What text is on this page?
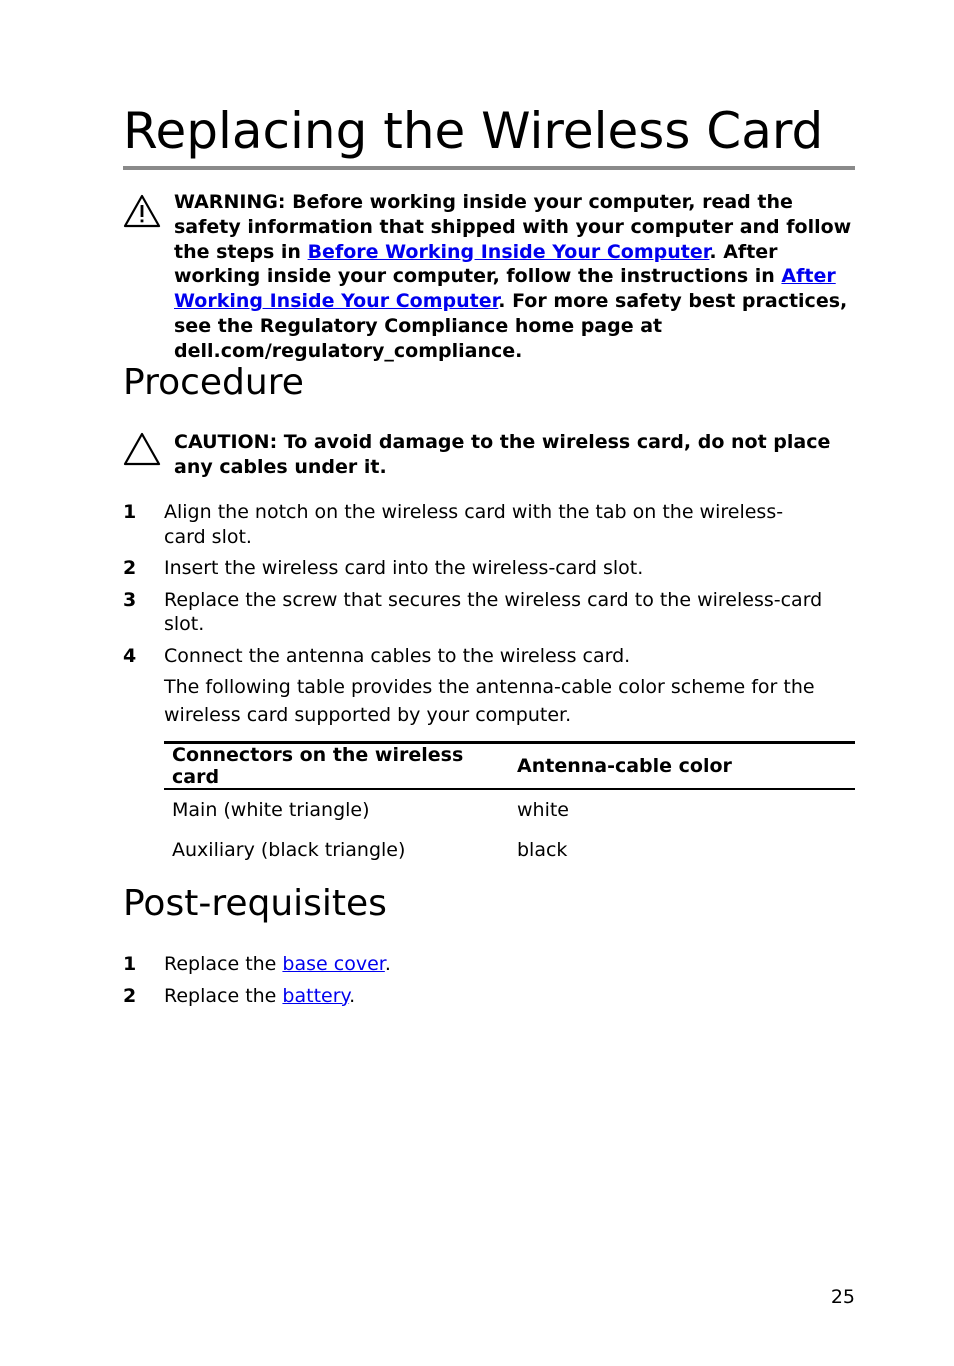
Replacing the Wireless Card
WARNING: Before working inside your computer, read the safety information that shipped with your computer and follow the steps in Before Working Inside Your Computer. After working inside your computer, follow the instructions in After Working Inside Your Computer. For more safety best practices, see the Regulatory Compliance home page at dell.com/regulatory_compliance.
Procedure
CAUTION: To avoid damage to the wireless card, do not place any cables under it.
1 Align the notch on the wireless card with the tab on the wireless-card slot.
2 Insert the wireless card into the wireless-card slot.
3 Replace the screw that secures the wireless card to the wireless-card slot.
4 Connect the antenna cables to the wireless card.
The following table provides the antenna-cable color scheme for the wireless card supported by your computer.
Connectors on the wireless card	Antenna-cable color
Main (white triangle)	white
Auxiliary (black triangle)	black
Post-requisites
1 Replace the base cover.
2 Replace the battery.
25
